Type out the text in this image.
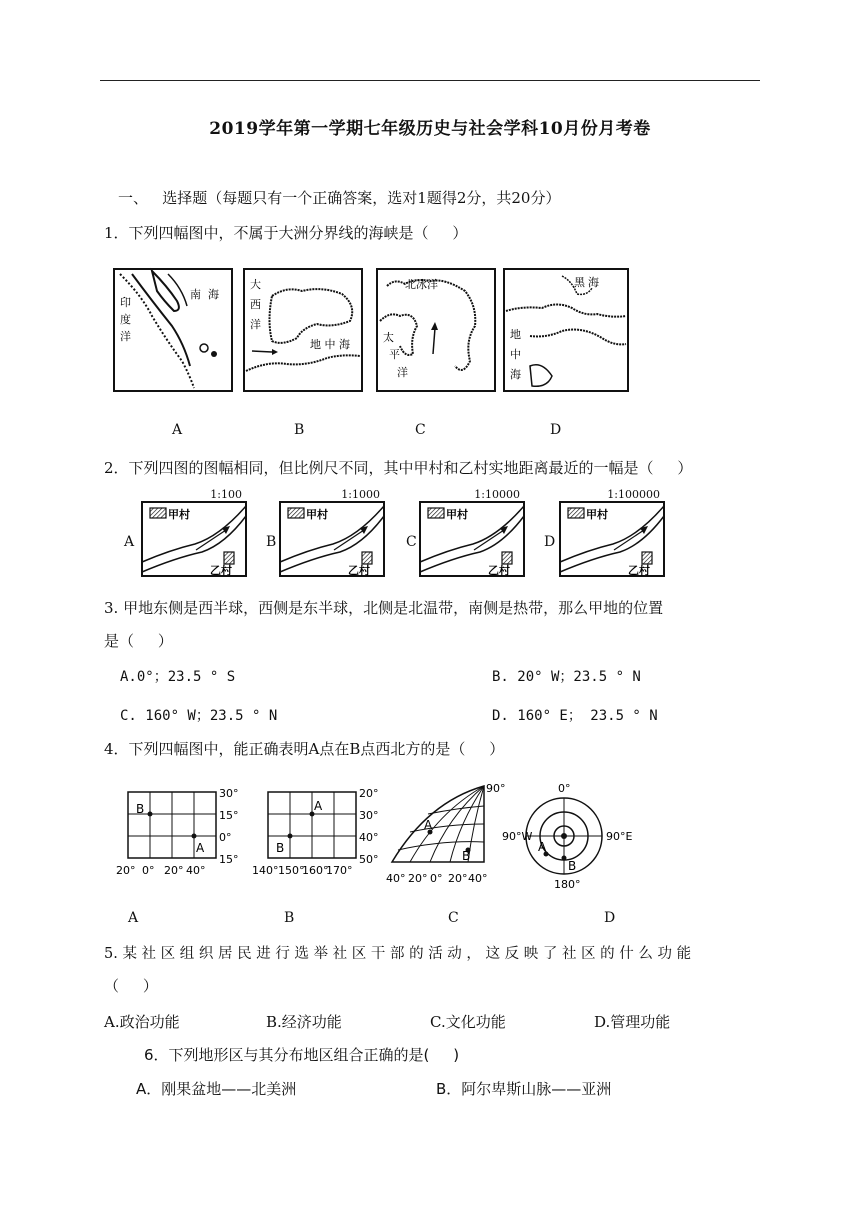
2019学年第一学期七年级历史与社会学科10月份月考卷
一、   选择题（每题只有一个正确答案，选对1题得2分，共20分）
1．下列四幅图中，不属于大洲分界线的海峡是（     ）
印
度
洋
南 海
大
西
洋
地 中 海
北冰洋
太
平
洋
黑 海
地
中
海
A	B	C	D
2．下列四图的图幅相同，但比例尺不同，其中甲村和乙村实地距离最近的一幅是（     ）
A
1:100
甲村
乙村
B
1:1000
甲村
乙村
C
1:10000
甲村
乙村
D
1:100000
甲村
乙村
3. 甲地东侧是西半球，西侧是东半球，北侧是北温带，南侧是热带，那么甲地的位置
是（     ）
A.0°；23.5 ° S	B. 20° W；23.5 ° N
C. 160° W；23.5 ° N	D. 160° E； 23.5 ° N
4．下列四幅图中，能正确表明A点在B点西北方的是（     ）
B
A
30°
15°
0°
15°
20° 0° 20° 40°
A
B
20°
30°
40°
50°
140° 150°
160°
170°
A
B
90°
40° 20° 0° 20° 40°
A
B
0°
90°W	90°E
180°
A	B	C	D
5. 某 社 区 组 织 居 民 进 行 选 举 社 区 干 部 的 活 动 ， 这 反 映 了 社 区 的 什 么 功 能
（     ）
A.政治功能	B.经济功能	C.文化功能	D.管理功能
6．下列地形区与其分布地区组合正确的是(     )
A．刚果盆地——北美洲	B．阿尔卑斯山脉——亚洲
